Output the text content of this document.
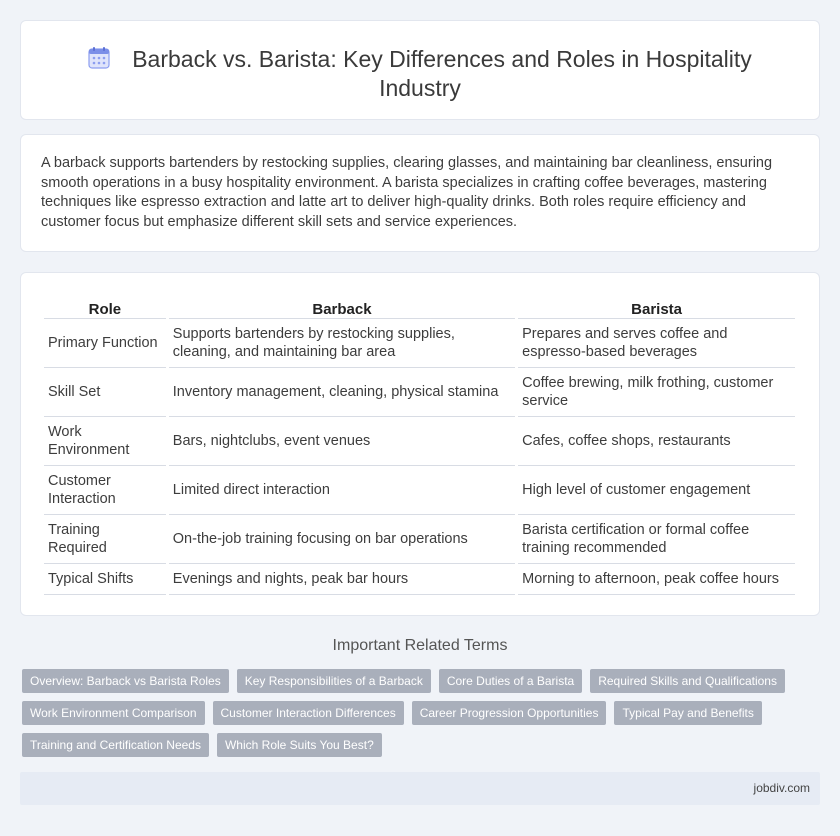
Barback vs. Barista: Key Differences and Roles in Hospitality Industry

A barback supports bartenders by restocking supplies, clearing glasses, and maintaining bar cleanliness, ensuring smooth operations in a busy hospitality environment. A barista specializes in crafting coffee beverages, mastering techniques like espresso extraction and latte art to deliver high-quality drinks. Both roles require efficiency and customer focus but emphasize different skill sets and service experiences.

Role	Barback	Barista
Primary Function	Supports bartenders by restocking supplies, cleaning, and maintaining bar area	Prepares and serves coffee and espresso-based beverages
Skill Set	Inventory management, cleaning, physical stamina	Coffee brewing, milk frothing, customer service
Work Environment	Bars, nightclubs, event venues	Cafes, coffee shops, restaurants
Customer Interaction	Limited direct interaction	High level of customer engagement
Training Required	On-the-job training focusing on bar operations	Barista certification or formal coffee training recommended
Typical Shifts	Evenings and nights, peak bar hours	Morning to afternoon, peak coffee hours
Important Related Terms
Overview: Barback vs Barista Roles	Key Responsibilities of a Barback	Core Duties of a Barista	Required Skills and Qualifications
Work Environment Comparison	Customer Interaction Differences	Career Progression Opportunities	Typical Pay and Benefits
Training and Certification Needs	Which Role Suits You Best?
jobdiv.com
